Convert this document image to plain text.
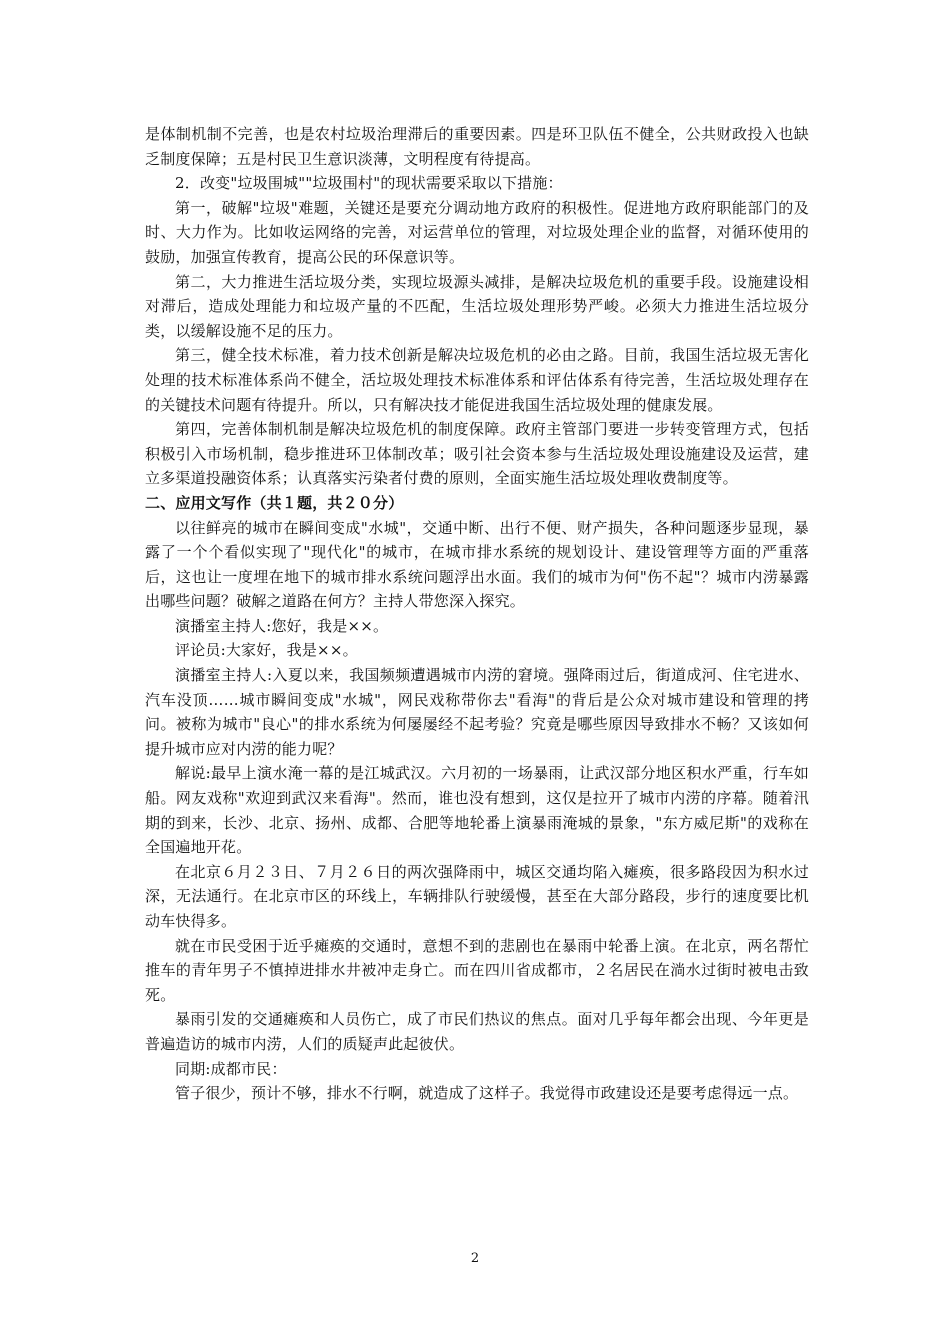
是体制机制不完善，也是农村垃圾治理滞后的重要因素。四是环卫队伍不健全，公共财政投入也缺乏制度保障；五是村民卫生意识淡薄，文明程度有待提高。

2．改变"垃圾围城""垃圾围村"的现状需要采取以下措施：

第一，破解"垃圾"难题，关键还是要充分调动地方政府的积极性。促进地方政府职能部门的及时、大力作为。比如收运网络的完善，对运营单位的管理，对垃圾处理企业的监督，对循环使用的鼓励，加强宣传教育，提高公民的环保意识等。

第二，大力推进生活垃圾分类，实现垃圾源头减排，是解决垃圾危机的重要手段。设施建设相对滞后，造成处理能力和垃圾产量的不匹配，生活垃圾处理形势严峻。必须大力推进生活垃圾分类，以缓解设施不足的压力。

第三，健全技术标准，着力技术创新是解决垃圾危机的必由之路。目前，我国生活垃圾无害化处理的技术标准体系尚不健全，活垃圾处理技术标准体系和评估体系有待完善，生活垃圾处理存在的关键技术问题有待提升。所以，只有解决技才能促进我国生活垃圾处理的健康发展。

第四，完善体制机制是解决垃圾危机的制度保障。政府主管部门要进一步转变管理方式，包括积极引入市场机制，稳步推进环卫体制改革；吸引社会资本参与生活垃圾处理设施建设及运营，建立多渠道投融资体系；认真落实污染者付费的原则，全面实施生活垃圾处理收费制度等。

二、应用文写作（共１题，共２０分）

以往鲜亮的城市在瞬间变成"水城"，交通中断、出行不便、财产损失，各种问题逐步显现，暴露了一个个看似实现了"现代化"的城市，在城市排水系统的规划设计、建设管理等方面的严重落后，这也让一度埋在地下的城市排水系统问题浮出水面。我们的城市为何"伤不起"？城市内涝暴露出哪些问题？破解之道路在何方？主持人带您深入探究。

演播室主持人:您好，我是××。

评论员:大家好，我是××。

演播室主持人:入夏以来，我国频频遭遇城市内涝的窘境。强降雨过后，街道成河、住宅进水、汽车没顶……城市瞬间变成"水城"，网民戏称带你去"看海"的背后是公众对城市建设和管理的拷问。被称为城市"良心"的排水系统为何屡屡经不起考验？究竟是哪些原因导致排水不畅？又该如何提升城市应对内涝的能力呢？

解说:最早上演水淹一幕的是江城武汉。六月初的一场暴雨，让武汉部分地区积水严重，行车如船。网友戏称"欢迎到武汉来看海"。然而，谁也没有想到，这仅是拉开了城市内涝的序幕。随着汛期的到来，长沙、北京、扬州、成都、合肥等地轮番上演暴雨淹城的景象，"东方威尼斯"的戏称在全国遍地开花。

在北京６月２３日、７月２６日的两次强降雨中，城区交通均陷入瘫痪，很多路段因为积水过深，无法通行。在北京市区的环线上，车辆排队行驶缓慢，甚至在大部分路段，步行的速度要比机动车快得多。

就在市民受困于近乎瘫痪的交通时，意想不到的悲剧也在暴雨中轮番上演。在北京，两名帮忙推车的青年男子不慎掉进排水井被冲走身亡。而在四川省成都市，２名居民在淌水过街时被电击致死。

暴雨引发的交通瘫痪和人员伤亡，成了市民们热议的焦点。面对几乎每年都会出现、今年更是普遍造访的城市内涝，人们的质疑声此起彼伏。

同期:成都市民：

管子很少，预计不够，排水不行啊，就造成了这样子。我觉得市政建设还是要考虑得远一点。

2
